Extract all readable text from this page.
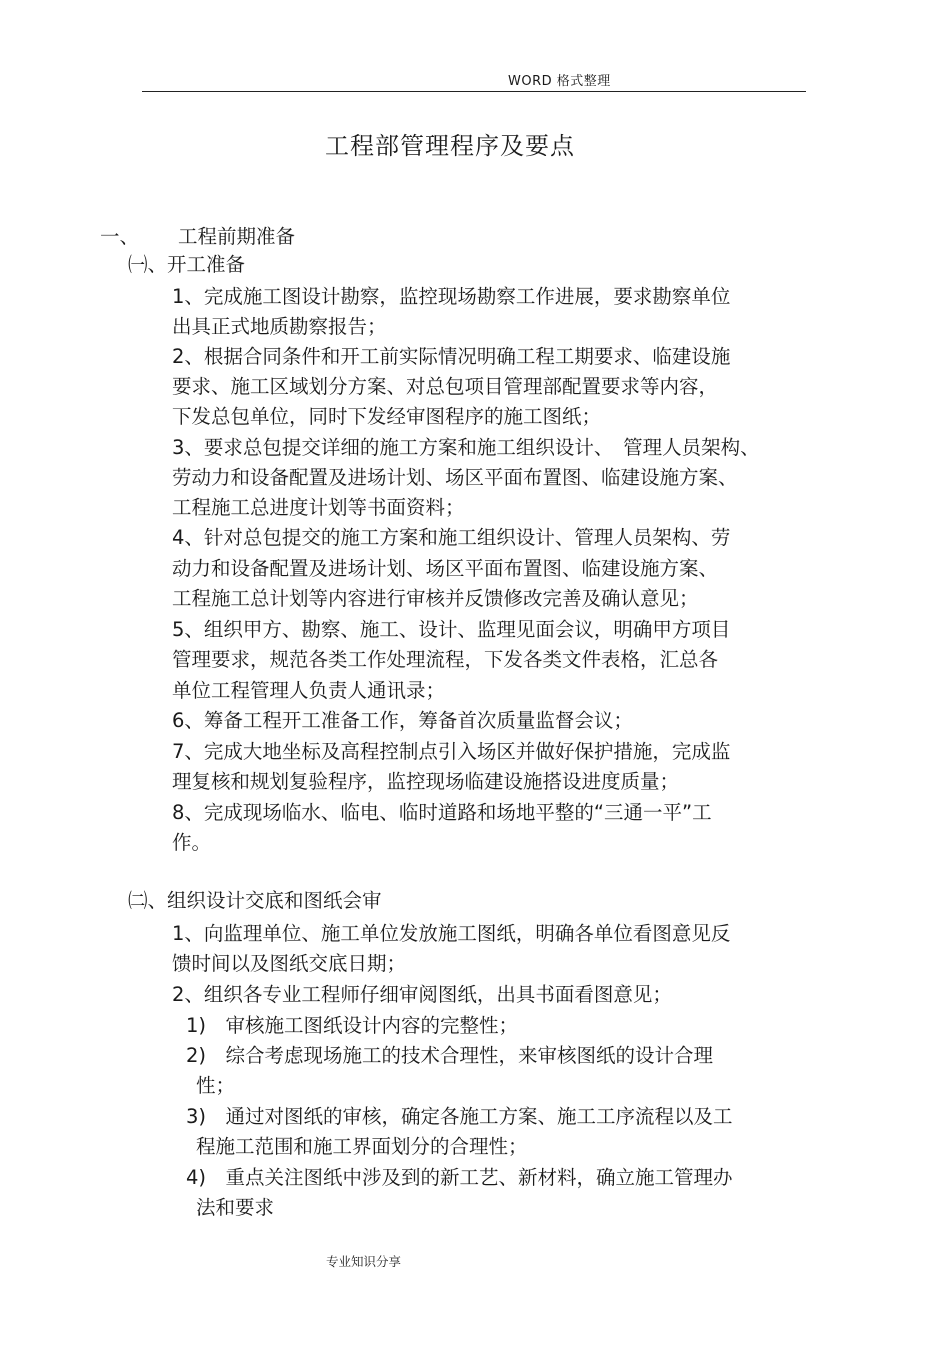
WORD 格式整理
工程部管理程序及要点
一、 工程前期准备
㈠、开工准备
1、完成施工图设计勘察，监控现场勘察工作进展，要求勘察单位
出具正式地质勘察报告；
2、根据合同条件和开工前实际情况明确工程工期要求、临建设施
要求、施工区域划分方案、对总包项目管理部配置要求等内容，
下发总包单位，同时下发经审图程序的施工图纸；
3、要求总包提交详细的施工方案和施工组织设计、　管理人员架构、
劳动力和设备配置及进场计划、场区平面布置图、临建设施方案、
工程施工总进度计划等书面资料；
4、针对总包提交的施工方案和施工组织设计、管理人员架构、劳
动力和设备配置及进场计划、场区平面布置图、临建设施方案、
工程施工总计划等内容进行审核并反馈修改完善及确认意见；
5、组织甲方、勘察、施工、设计、监理见面会议，明确甲方项目
管理要求，规范各类工作处理流程，下发各类文件表格，汇总各
单位工程管理人负责人通讯录；
6、筹备工程开工准备工作，筹备首次质量监督会议；
7、完成大地坐标及高程控制点引入场区并做好保护措施，完成监
理复核和规划复验程序，监控现场临建设施搭设进度质量；
8、完成现场临水、临电、临时道路和场地平整的“三通一平”工
作。
㈡、组织设计交底和图纸会审
1、向监理单位、施工单位发放施工图纸，明确各单位看图意见反
馈时间以及图纸交底日期；
2、组织各专业工程师仔细审阅图纸，出具书面看图意见；
1)　审核施工图纸设计内容的完整性；
2)　综合考虑现场施工的技术合理性，来审核图纸的设计合理
性；
3)　通过对图纸的审核，确定各施工方案、施工工序流程以及工
程施工范围和施工界面划分的合理性；
4)　重点关注图纸中涉及到的新工艺、新材料，确立施工管理办
法和要求
专业知识分享
